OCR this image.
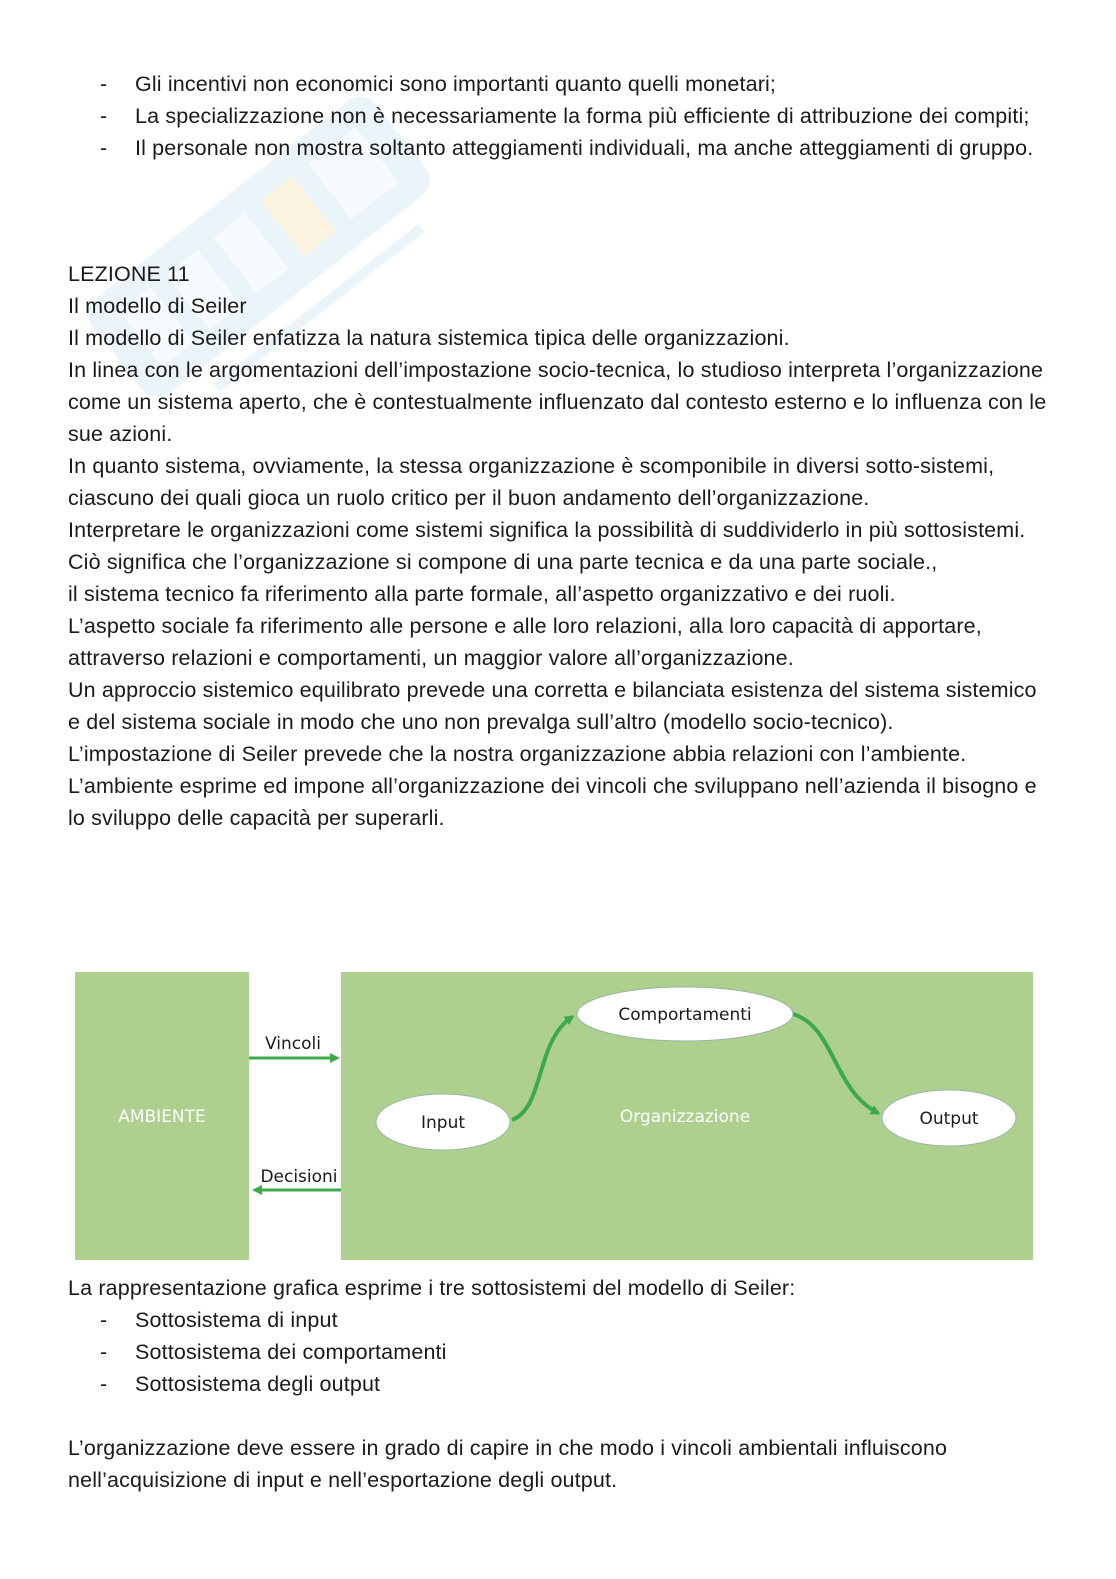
- Gli incentivi non economici sono importanti quanto quelli monetari;
- La specializzazione non è necessariamente la forma più efficiente di attribuzione dei compiti;
- Il personale non mostra soltanto atteggiamenti individuali, ma anche atteggiamenti di gruppo.

LEZIONE 11

Il modello di Seiler

Il modello di Seiler enfatizza la natura sistemica tipica delle organizzazioni.

In linea con le argomentazioni dell’impostazione socio-tecnica, lo studioso interpreta l’organizzazione come un sistema aperto, che è contestualmente influenzato dal contesto esterno e lo influenza con le sue azioni.

In quanto sistema, ovviamente, la stessa organizzazione è scomponibile in diversi sotto-sistemi, ciascuno dei quali gioca un ruolo critico per il buon andamento dell’organizzazione.

Interpretare le organizzazioni come sistemi significa la possibilità di suddividerlo in più sottosistemi.

Ciò significa che l’organizzazione si compone di una parte tecnica e da una parte sociale.,

il sistema tecnico fa riferimento alla parte formale, all’aspetto organizzativo e dei ruoli.

L’aspetto sociale fa riferimento alle persone e alle loro relazioni, alla loro capacità di apportare, attraverso relazioni e comportamenti, un maggior valore all’organizzazione.

Un approccio sistemico equilibrato prevede una corretta e bilanciata esistenza del sistema sistemico e del sistema sociale in modo che uno non prevalga sull’altro (modello socio-tecnico).

L’impostazione di Seiler prevede che la nostra organizzazione abbia relazioni con l’ambiente. L’ambiente esprime ed impone all’organizzazione dei vincoli che sviluppano nell’azienda il bisogno e lo sviluppo delle capacità per superarli.

AMBIENTE	Organizzazione
Vincoli
Decisioni
Input
Comportamenti
Output

La rappresentazione grafica esprime i tre sottosistemi del modello di Seiler:

- Sottosistema di input
- Sottosistema dei comportamenti
- Sottosistema degli output

L’organizzazione deve essere in grado di capire in che modo i vincoli ambientali influiscono nell’acquisizione di input e nell’esportazione degli output.
